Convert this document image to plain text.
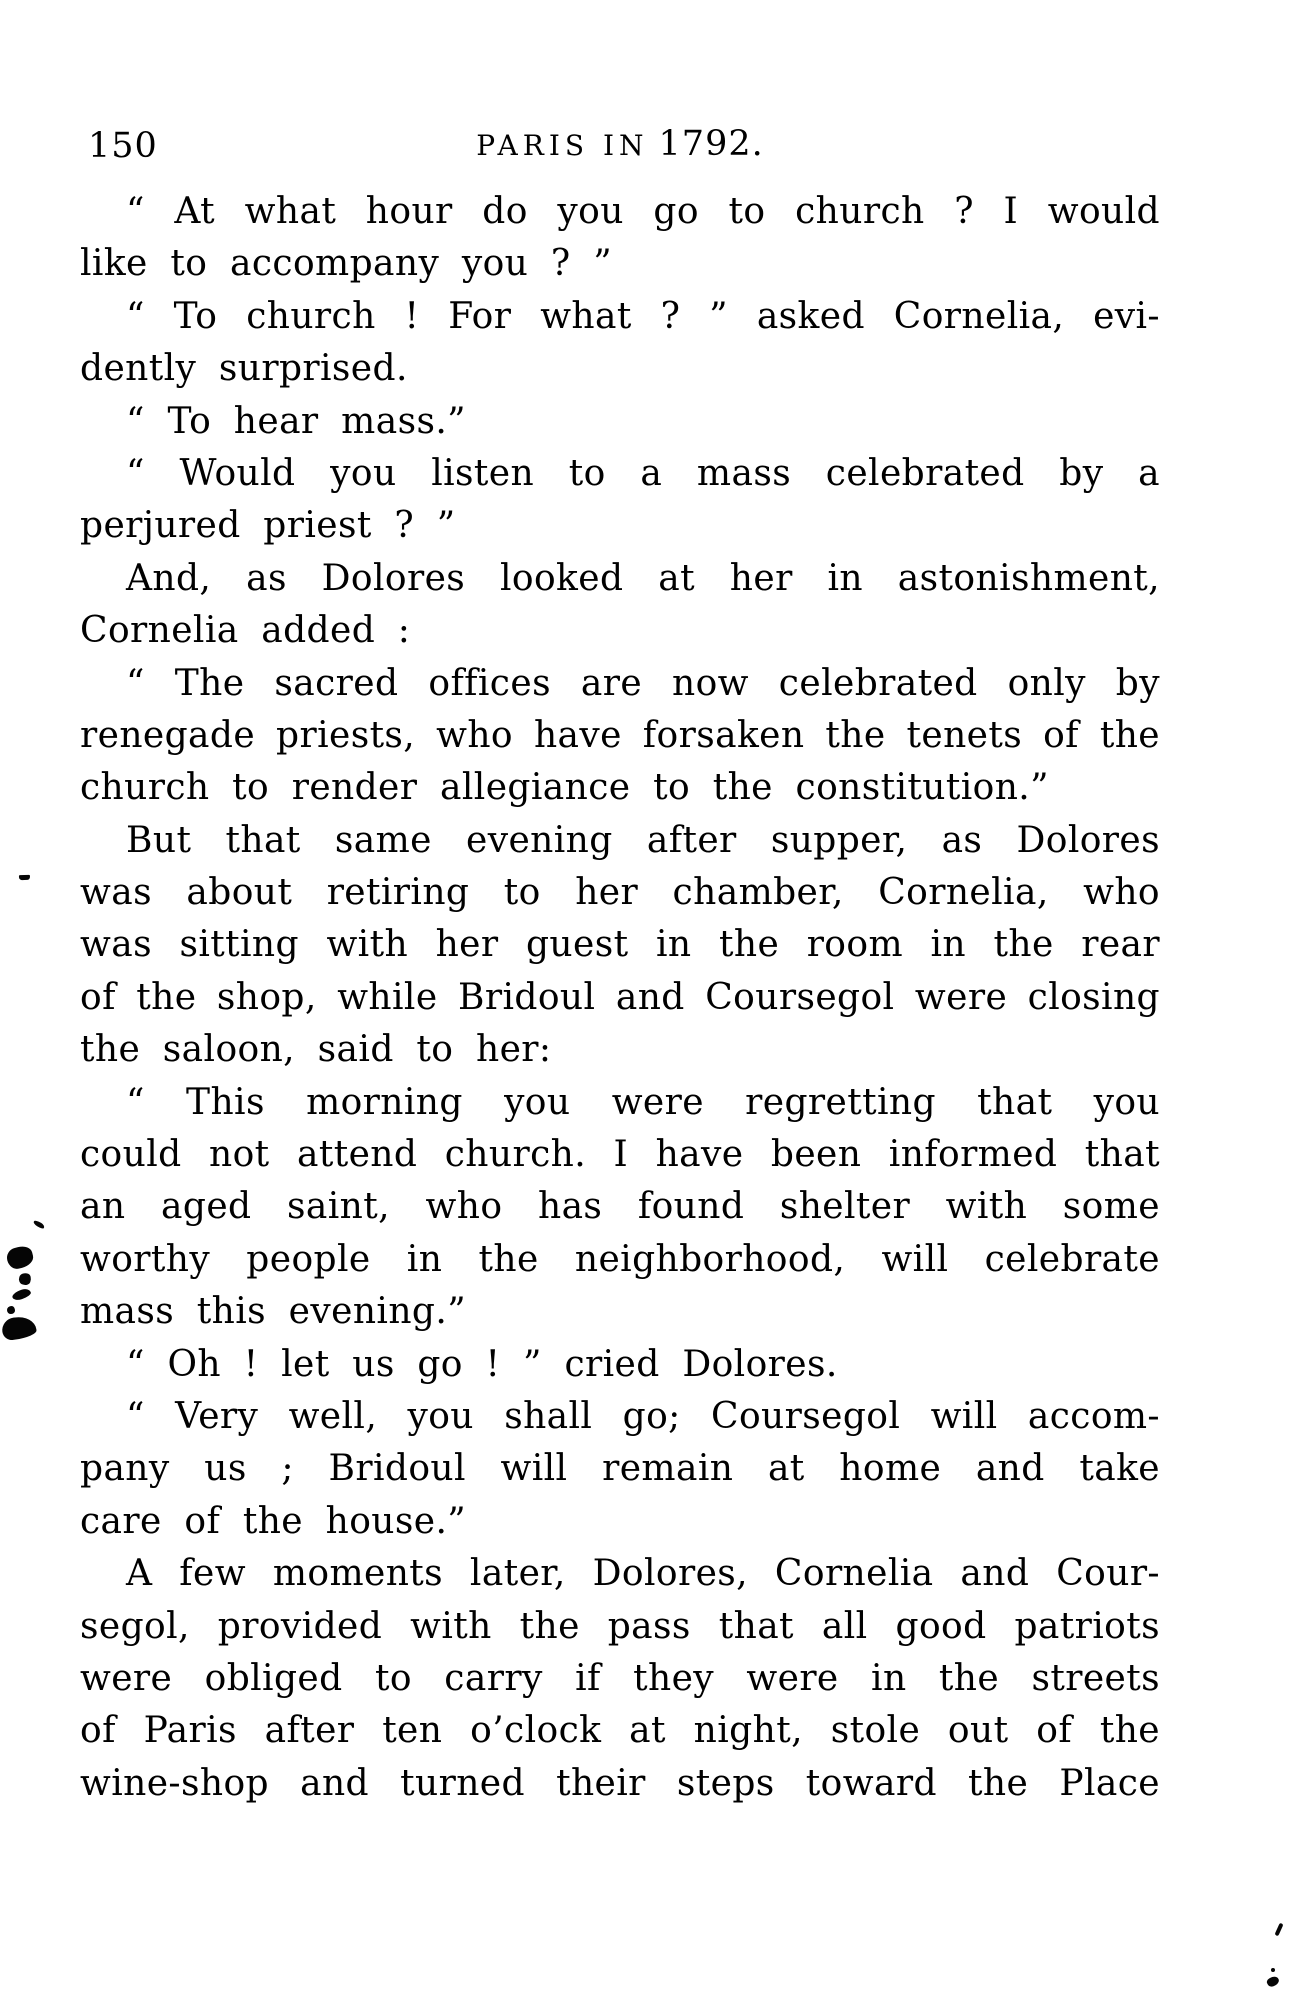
150	PARIS IN 1792.
“ At what hour do you go to church ? I would
like to accompany you ? ”
“ To church ! For what ? ” asked Cornelia, evi-
dently surprised.
“ To hear mass.”
“ Would you listen to a mass celebrated by a
perjured priest ? ”
And, as Dolores looked at her in astonishment,
Cornelia added :
“ The sacred offices are now celebrated only by
renegade priests, who have forsaken the tenets of the
church to render allegiance to the constitution.”
But that same evening after supper, as Dolores
was about retiring to her chamber, Cornelia, who
was sitting with her guest in the room in the rear
of the shop, while Bridoul and Coursegol were closing
the saloon, said to her:
“ This morning you were regretting that you
could not attend church. I have been informed that
an aged saint, who has found shelter with some
worthy people in the neighborhood, will celebrate
mass this evening.”
“ Oh ! let us go ! ” cried Dolores.
“ Very well, you shall go; Coursegol will accom-
pany us ; Bridoul will remain at home and take
care of the house.”
A few moments later, Dolores, Cornelia and Cour-
segol, provided with the pass that all good patriots
were obliged to carry if they were in the streets
of Paris after ten o’clock at night, stole out of the
wine-shop and turned their steps toward the Place
